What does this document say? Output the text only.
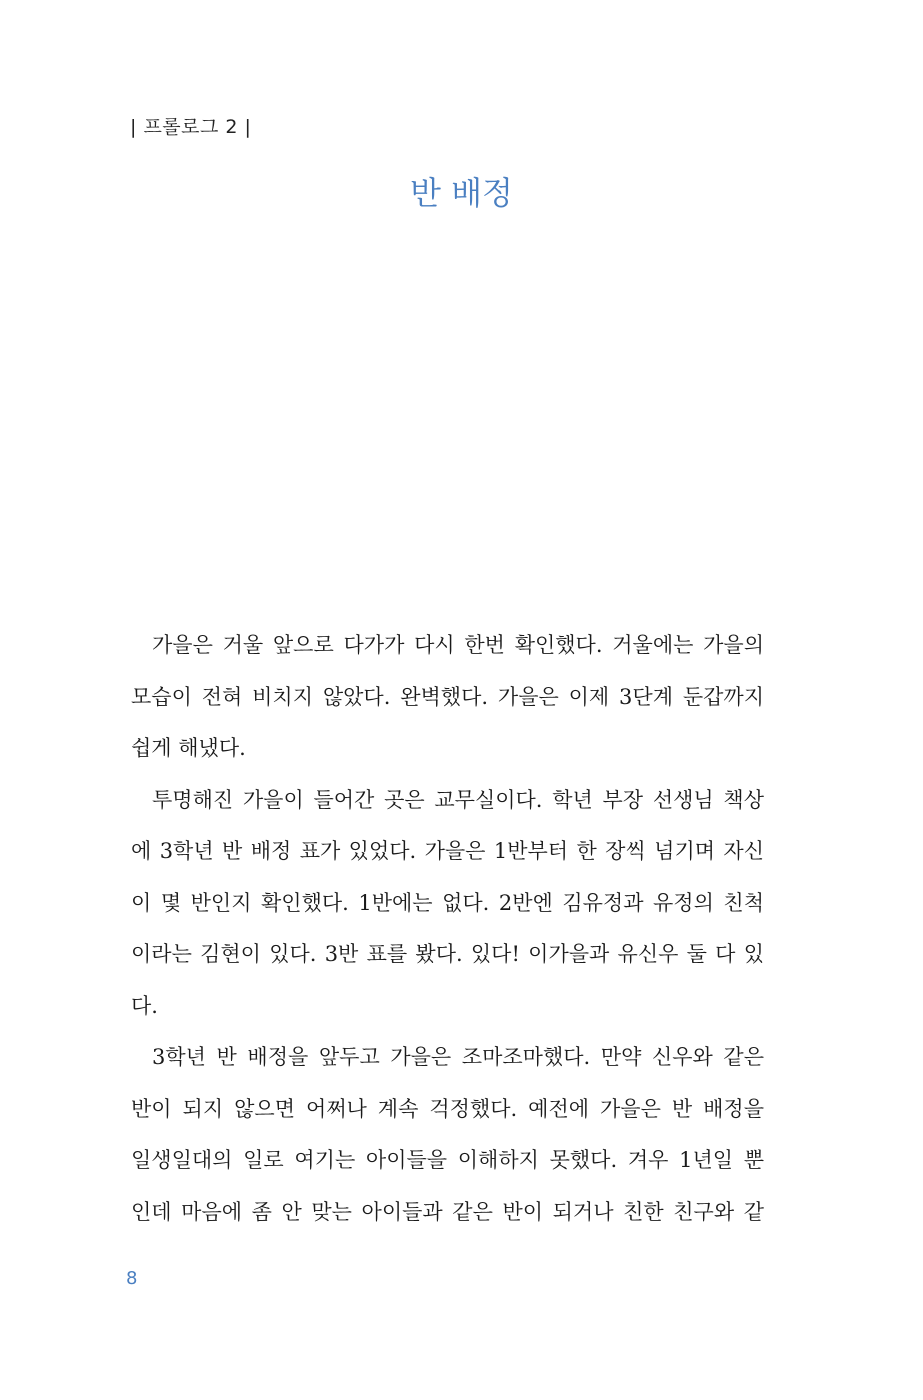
| 프롤로그 2 |
반 배정
가을은 거울 앞으로 다가가 다시 한번 확인했다. 거울에는 가을의
모습이 전혀 비치지 않았다. 완벽했다. 가을은 이제 3단계 둔갑까지
쉽게 해냈다.
투명해진 가을이 들어간 곳은 교무실이다. 학년 부장 선생님 책상
에 3학년 반 배정 표가 있었다. 가을은 1반부터 한 장씩 넘기며 자신
이 몇 반인지 확인했다. 1반에는 없다. 2반엔 김유정과 유정의 친척
이라는 김현이 있다. 3반 표를 봤다. 있다! 이가을과 유신우 둘 다 있
다.
3학년 반 배정을 앞두고 가을은 조마조마했다. 만약 신우와 같은
반이 되지 않으면 어쩌나 계속 걱정했다. 예전에 가을은 반 배정을
일생일대의 일로 여기는 아이들을 이해하지 못했다. 겨우 1년일 뿐
인데 마음에 좀 안 맞는 아이들과 같은 반이 되거나 친한 친구와 같
8
